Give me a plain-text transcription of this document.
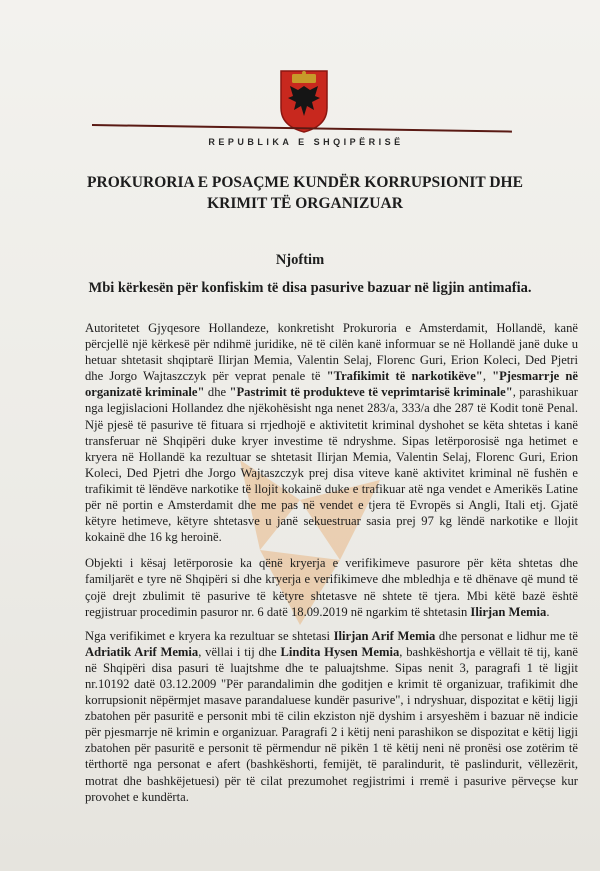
REPUBLIKA E SHQIPËRISË
PROKURORIA E POSAÇME KUNDËR KORRUPSIONIT DHE KRIMIT TË ORGANIZUAR
Njoftim
Mbi kërkesën për konfiskim të disa pasurive bazuar në ligjin antimafia.

Autoritetet Gjyqesore Hollandeze, konkretisht Prokuroria e Amsterdamit, Hollandë, kanë përcjellë një kërkesë për ndihmë juridike, në të cilën kanë informuar se në Hollandë janë duke u hetuar shtetasit shqiptarë Ilirjan Memia, Valentin Selaj, Florenc Guri, Erion Koleci, Ded Pjetri dhe Jorgo Wajtaszczyk për veprat penale të "Trafikimit të narkotikëve", "Pjesmarrje në organizatë kriminale" dhe "Pastrimit të produkteve të veprimtarisë kriminale", parashikuar nga legjislacioni Hollandez dhe njëkohësisht nga nenet 283/a, 333/a dhe 287 të Kodit tonë Penal. Një pjesë të pasurive të fituara si rrjedhojë e aktivitetit kriminal dyshohet se këta shtetas i kanë transferuar në Shqipëri duke kryer investime të ndryshme. Sipas letërporosisë nga hetimet e kryera në Hollandë ka rezultuar se shtetasit Ilirjan Memia, Valentin Selaj, Florenc Guri, Erion Koleci, Ded Pjetri dhe Jorgo Wajtaszczyk prej disa viteve kanë aktivitet kriminal në fushën e trafikimit të lëndëve narkotike të llojit kokainë duke e trafikuar atë nga vendet e Amerikës Latine për në portin e Amsterdamit dhe me pas në vendet e tjera të Evropës si Angli, Itali etj. Gjatë këtyre hetimeve, këtyre shtetasve u janë sekuestruar sasia prej 97 kg lëndë narkotike e llojit kokainë dhe 16 kg heroinë.

Objekti i kësaj letërporosie ka qënë kryerja e verifikimeve pasurore për këta shtetas dhe familjarët e tyre në Shqipëri si dhe kryerja e verifikimeve dhe mbledhja e të dhënave që mund të çojë drejt zbulimit të pasurive të këtyre shtetasve në shtete të tjera. Mbi këtë bazë është regjistruar procedimin pasuror nr. 6 datë 18.09.2019 në ngarkim të shtetasin Ilirjan Memia.

Nga verifikimet e kryera ka rezultuar se shtetasi Ilirjan Arif Memia dhe personat e lidhur me të Adriatik Arif Memia, vëllai i tij dhe Lindita Hysen Memia, bashkëshortja e vëllait të tij, kanë në Shqipëri disa pasuri të luajtshme dhe te paluajtshme. Sipas nenit 3, paragrafi 1 të ligjit nr.10192 datë 03.12.2009 "Për parandalimin dhe goditjen e krimit të organizuar, trafikimit dhe korrupsionit nëpërmjet masave parandaluese kundër pasurive", i ndryshuar, dispozitat e këtij ligji zbatohen për pasuritë e personit mbi të cilin ekziston një dyshim i arsyeshëm i bazuar në indicie për pjesmarrje në krimin e organizuar. Paragrafi 2 i këtij neni parashikon se dispozitat e këtij ligji zbatohen për pasuritë e personit të përmendur në pikën 1 të këtij neni në pronësi ose zotërim të tërthortë nga personat e afert (bashkëshorti, femijët, të paralindurit, të paslindurit, vëllezërit, motrat dhe bashkëjetuesi) për të cilat prezumohet regjistrimi i rremë i pasurive përveçse kur provohet e kundërta.
